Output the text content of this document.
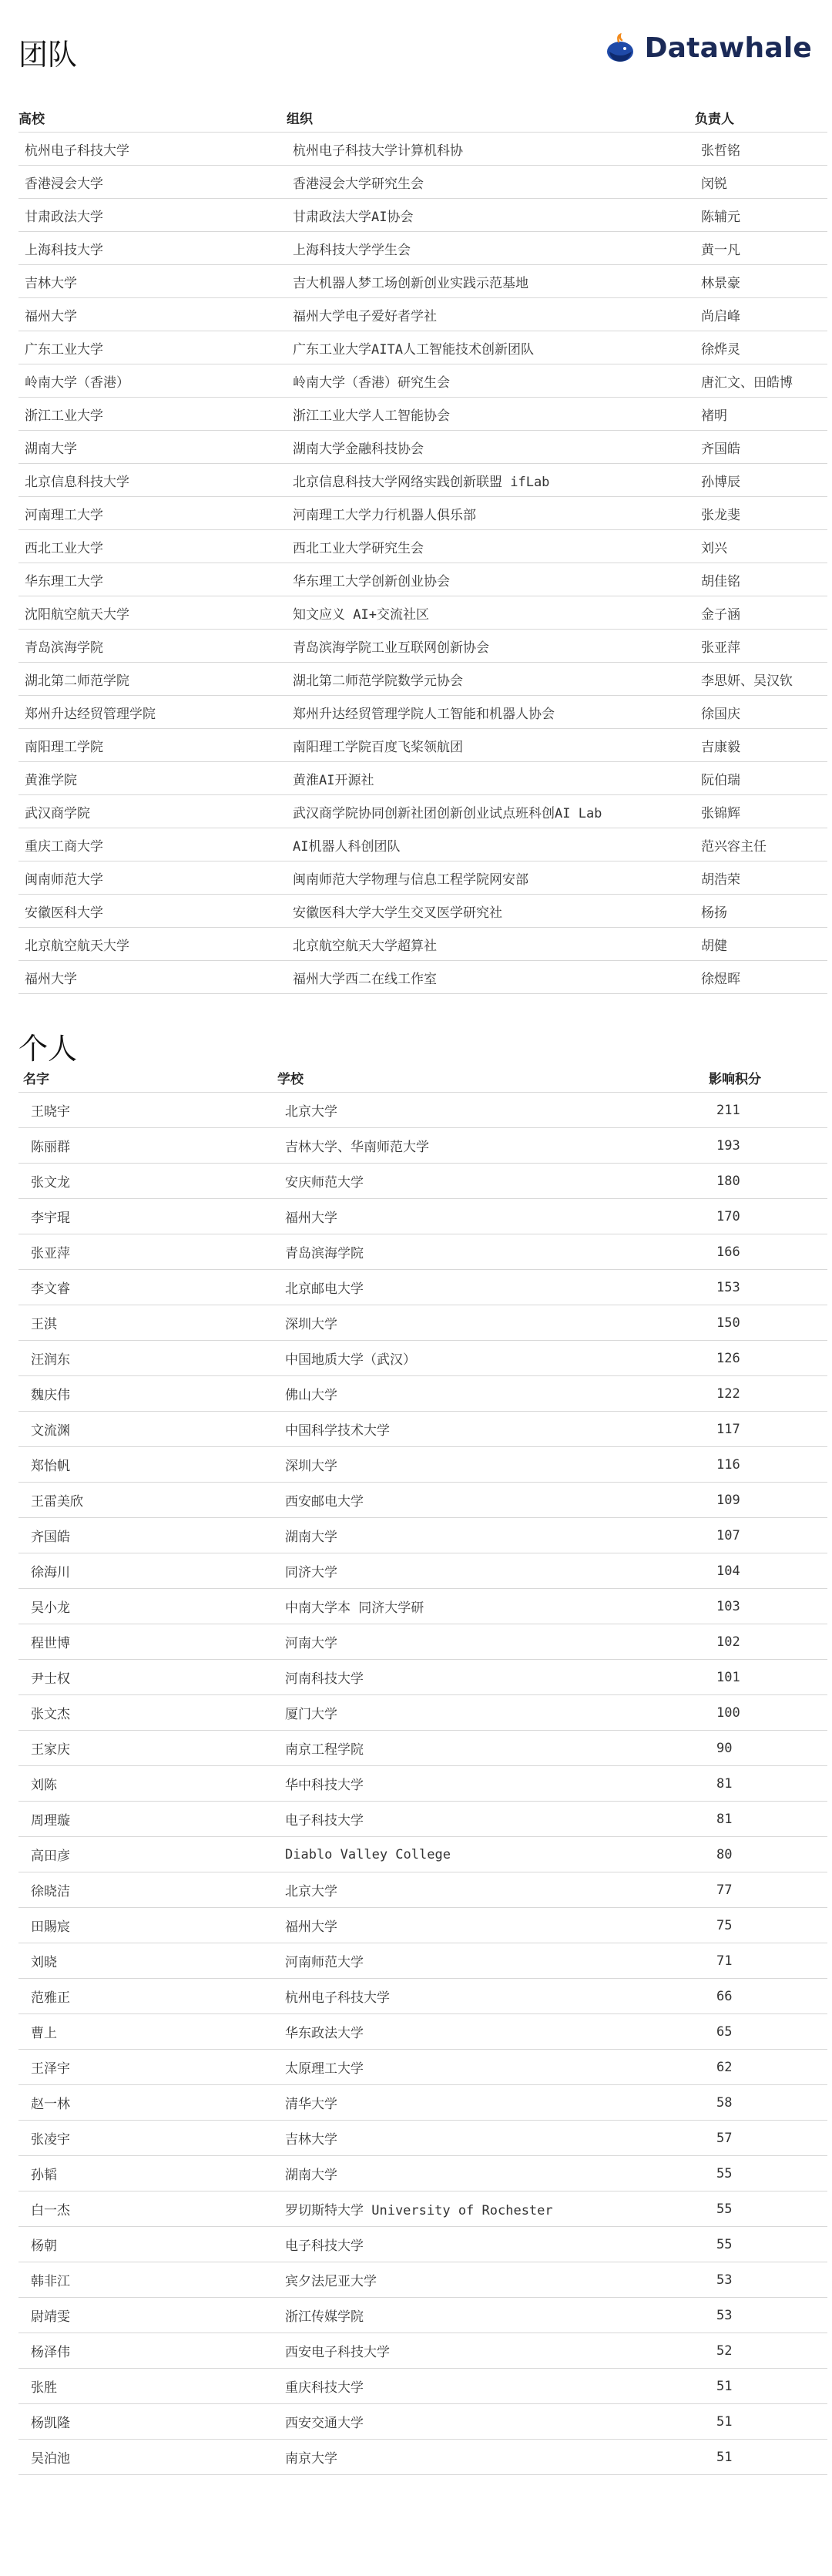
团队	Datawhale
高校	组织	负责人
杭州电子科技大学	杭州电子科技大学计算机科协	张哲铭
香港浸会大学	香港浸会大学研究生会	闵锐
甘肃政法大学	甘肃政法大学AI协会	陈辅元
上海科技大学	上海科技大学学生会	黄一凡
吉林大学	吉大机器人梦工场创新创业实践示范基地	林景豪
福州大学	福州大学电子爱好者学社	尚启峰
广东工业大学	广东工业大学AITA人工智能技术创新团队	徐烨灵
岭南大学（香港）	岭南大学（香港）研究生会	唐汇文、田皓博
浙江工业大学	浙江工业大学人工智能协会	褚明
湖南大学	湖南大学金融科技协会	齐国皓
北京信息科技大学	北京信息科技大学网络实践创新联盟 ifLab	孙博辰
河南理工大学	河南理工大学力行机器人俱乐部	张龙斐
西北工业大学	西北工业大学研究生会	刘兴
华东理工大学	华东理工大学创新创业协会	胡佳铭
沈阳航空航天大学	知文应义 AI+交流社区	金子涵
青岛滨海学院	青岛滨海学院工业互联网创新协会	张亚萍
湖北第二师范学院	湖北第二师范学院数学元协会	李思妍、吴汉钦
郑州升达经贸管理学院	郑州升达经贸管理学院人工智能和机器人协会	徐国庆
南阳理工学院	南阳理工学院百度飞桨领航团	吉康毅
黄淮学院	黄淮AI开源社	阮伯瑞
武汉商学院	武汉商学院协同创新社团创新创业试点班科创AI Lab	张锦辉
重庆工商大学	AI机器人科创团队	范兴容主任
闽南师范大学	闽南师范大学物理与信息工程学院网安部	胡浩荣
安徽医科大学	安徽医科大学大学生交叉医学研究社	杨扬
北京航空航天大学	北京航空航天大学超算社	胡健
福州大学	福州大学西二在线工作室	徐煜晖
个人
名字	学校	影响积分
王晓宇	北京大学	211
陈丽群	吉林大学、华南师范大学	193
张文龙	安庆师范大学	180
李宇琨	福州大学	170
张亚萍	青岛滨海学院	166
李文睿	北京邮电大学	153
王淇	深圳大学	150
汪润东	中国地质大学（武汉）	126
魏庆伟	佛山大学	122
文流渊	中国科学技术大学	117
郑怡帆	深圳大学	116
王雷美欣	西安邮电大学	109
齐国皓	湖南大学	107
徐海川	同济大学	104
吴小龙	中南大学本 同济大学研	103
程世博	河南大学	102
尹士权	河南科技大学	101
张文杰	厦门大学	100
王家庆	南京工程学院	90
刘陈	华中科技大学	81
周理璇	电子科技大学	81
高田彦	Diablo Valley College	80
徐晓洁	北京大学	77
田賜宸	福州大学	75
刘晓	河南师范大学	71
范雅正	杭州电子科技大学	66
曹上	华东政法大学	65
王泽宇	太原理工大学	62
赵一林	清华大学	58
张凌宇	吉林大学	57
孙韬	湖南大学	55
白一杰	罗切斯特大学 University of Rochester	55
杨朝	电子科技大学	55
韩非江	宾夕法尼亚大学	53
尉靖雯	浙江传媒学院	53
杨泽伟	西安电子科技大学	52
张胜	重庆科技大学	51
杨凯隆	西安交通大学	51
吴泊池	南京大学	51
